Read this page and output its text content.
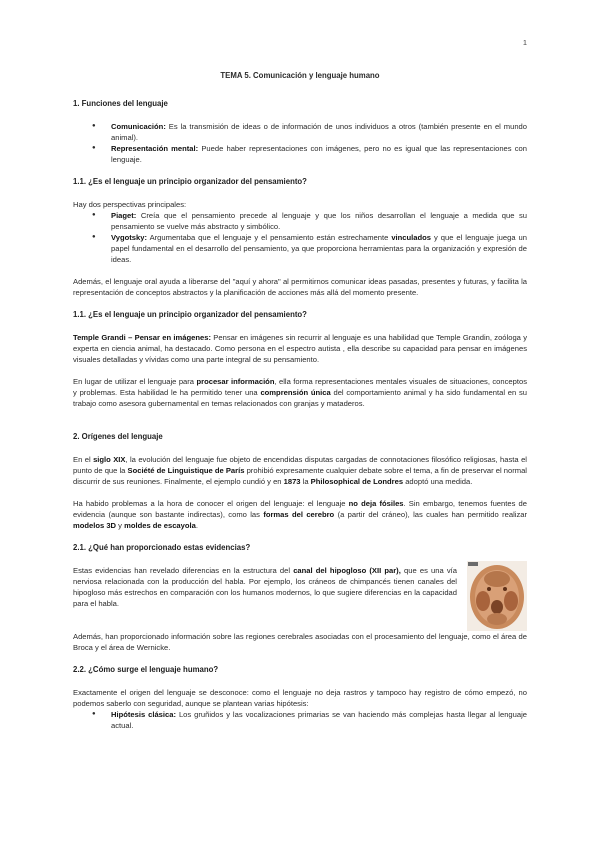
1
TEMA 5. Comunicación y lenguaje humano
1. Funciones del lenguaje
● Comunicación: Es la transmisión de ideas o de información de unos individuos a otros (también presente en el mundo animal).
● Representación mental: Puede haber representaciones con imágenes, pero no es igual que las representaciones con lenguaje.
1.1. ¿Es el lenguaje un principio organizador del pensamiento?

Hay dos perspectivas principales:

● Piaget: Creía que el pensamiento precede al lenguaje y que los niños desarrollan el lenguaje a medida que su pensamiento se vuelve más abstracto y simbólico.
● Vygotsky: Argumentaba que el lenguaje y el pensamiento están estrechamente vinculados y que el lenguaje juega un papel fundamental en el desarrollo del pensamiento, ya que proporciona herramientas para la organización y expresión de ideas.

Además, el lenguaje oral ayuda a liberarse del "aquí y ahora" al permitirnos comunicar ideas pasadas, presentes y futuras, y facilita la representación de conceptos abstractos y la planificación de acciones más allá del momento presente.

1.1. ¿Es el lenguaje un principio organizador del pensamiento?

Temple Grandi – Pensar en imágenes: Pensar en imágenes sin recurrir al lenguaje es una habilidad que Temple Grandin, zoóloga y experta en ciencia animal, ha destacado. Como persona en el espectro autista , ella describe su capacidad para pensar en imágenes visuales detalladas y vívidas como una parte integral de su pensamiento.

En lugar de utilizar el lenguaje para procesar información, ella forma representaciones mentales visuales de situaciones, conceptos y problemas. Esta habilidad le ha permitido tener una comprensión única del comportamiento animal y ha sido fundamental en su trabajo como asesora gubernamental en temas relacionados con granjas y mataderos.

2. Orígenes del lenguaje

En el siglo XIX, la evolución del lenguaje fue objeto de encendidas disputas cargadas de connotaciones filosófico religiosas, hasta el punto de que la Société de Linguistique de París prohibió expresamente cualquier debate sobre el tema, a fin de preservar el normal discurrir de sus reuniones. Finalmente, el ejemplo cundió y en 1873 la Philosophical de Londres adoptó una medida.

Ha habido problemas a la hora de conocer el origen del lenguaje: el lenguaje no deja fósiles. Sin embargo, tenemos fuentes de evidencia (aunque son bastante indirectas), como las formas del cerebro (a partir del cráneo), las cuales han permitido realizar modelos 3D y moldes de escayola.

2.1. ¿Qué han proporcionado estas evidencias?

Estas evidencias han revelado diferencias en la estructura del canal del hipogloso (XII par), que es una vía nerviosa relacionada con la producción del habla. Por ejemplo, los cráneos de chimpancés tienen canales del hipogloso más estrechos en comparación con los humanos modernos, lo que sugiere diferencias en la capacidad para el habla.

Además, han proporcionado información sobre las regiones cerebrales asociadas con el procesamiento del lenguaje, como el área de Broca y el área de Wernicke.

2.2. ¿Cómo surge el lenguaje humano?

Exactamente el origen del lenguaje se desconoce: como el lenguaje no deja rastros y tampoco hay registro de cómo empezó, no podemos saberlo con seguridad, aunque se plantean varias hipótesis:

● Hipótesis clásica: Los gruñidos y las vocalizaciones primarias se van haciendo más complejas hasta llegar al lenguaje actual.
